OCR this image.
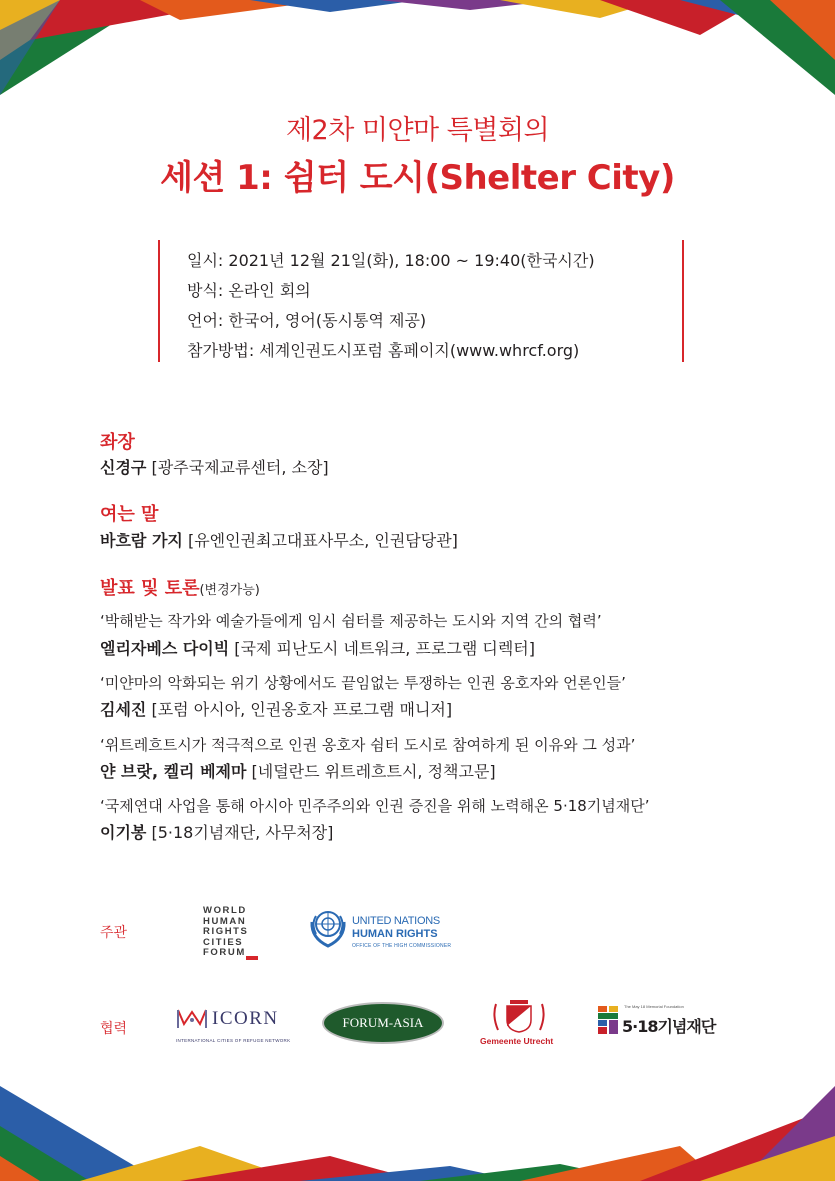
제2차 미얀마 특별회의
세션 1: 쉼터 도시(Shelter City)
일시: 2021년 12월 21일(화), 18:00 ~ 19:40(한국시간)
방식: 온라인 회의
언어: 한국어, 영어(동시통역 제공)
참가방법: 세계인권도시포럼 홈페이지(www.whrcf.org)
좌장
신경구 [광주국제교류센터, 소장]
여는 말
바흐람 가지 [유엔인권최고대표사무소, 인권담당관]
발표 및 토론(변경가능)
‘박해받는 작가와 예술가들에게 임시 쉼터를 제공하는 도시와 지역 간의 협력’
엘리자베스 다이빅 [국제 피난도시 네트워크, 프로그램 디렉터]
‘미얀마의 악화되는 위기 상황에서도 끝임없는 투쟁하는 인권 옹호자와 언론인들’
김세진 [포럼 아시아, 인권옹호자 프로그램 매니저]
‘위트레흐트시가 적극적으로 인권 옹호자 쉼터 도시로 참여하게 된 이유와 그 성과’
얀 브랏, 켈리 베제마 [네덜란드 위트레흐트시, 정책고문]
‘국제연대 사업을 통해 아시아 민주주의와 인권 증진을 위해 노력해온 5·18기념재단’
이기봉 [5·18기념재단, 사무처장]
주관
협력
WORLD
HUMAN
RIGHTS
CITIES
FORUM
UNITED NATIONS
HUMAN RIGHTS
OFFICE OF THE HIGH COMMISSIONER
ICORN
INTERNATIONAL CITIES OF REFUGE NETWORK
FORUM-ASIA
Gemeente Utrecht
The May 18 Memorial Foundation
5·18기념재단
